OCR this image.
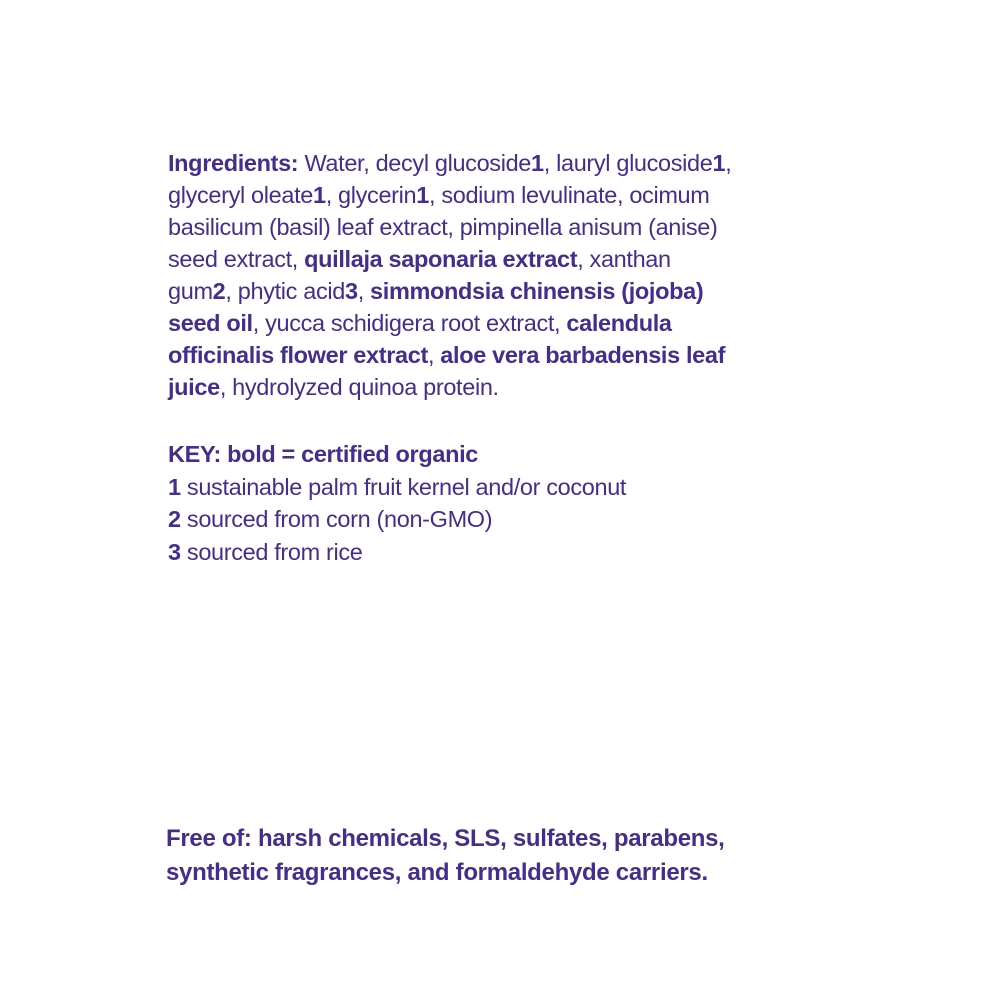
Ingredients: Water, decyl glucoside1, lauryl glucoside1,
glyceryl oleate1, glycerin1, sodium levulinate, ocimum
basilicum (basil) leaf extract, pimpinella anisum (anise)
seed extract, quillaja saponaria extract, xanthan
gum2, phytic acid3, simmondsia chinensis (jojoba)
seed oil, yucca schidigera root extract, calendula
officinalis flower extract, aloe vera barbadensis leaf
juice, hydrolyzed quinoa protein.

KEY: bold = certified organic

1 sustainable palm fruit kernel and/or coconut

2 sourced from corn (non-GMO)

3 sourced from rice

Free of: harsh chemicals, SLS, sulfates, parabens,
synthetic fragrances, and formaldehyde carriers.
